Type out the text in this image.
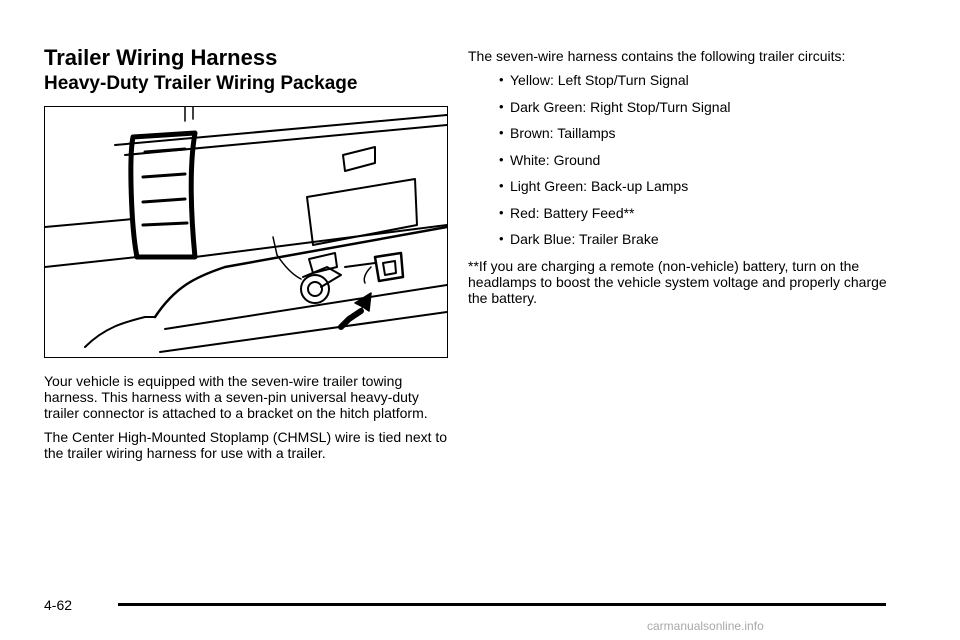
Trailer Wiring Harness
Heavy-Duty Trailer Wiring Package

Your vehicle is equipped with the seven-wire trailer towing harness. This harness with a seven-pin universal heavy-duty trailer connector is attached to a bracket on the hitch platform.

The Center High-Mounted Stoplamp (CHMSL) wire is tied next to the trailer wiring harness for use with a trailer.

The seven-wire harness contains the following trailer circuits:

• Yellow: Left Stop/Turn Signal
• Dark Green: Right Stop/Turn Signal
• Brown: Taillamps
• White: Ground
• Light Green: Back-up Lamps
• Red: Battery Feed**
• Dark Blue: Trailer Brake

**If you are charging a remote (non-vehicle) battery, turn on the headlamps to boost the vehicle system voltage and properly charge the battery.

4-62
carmanualsonline.info
